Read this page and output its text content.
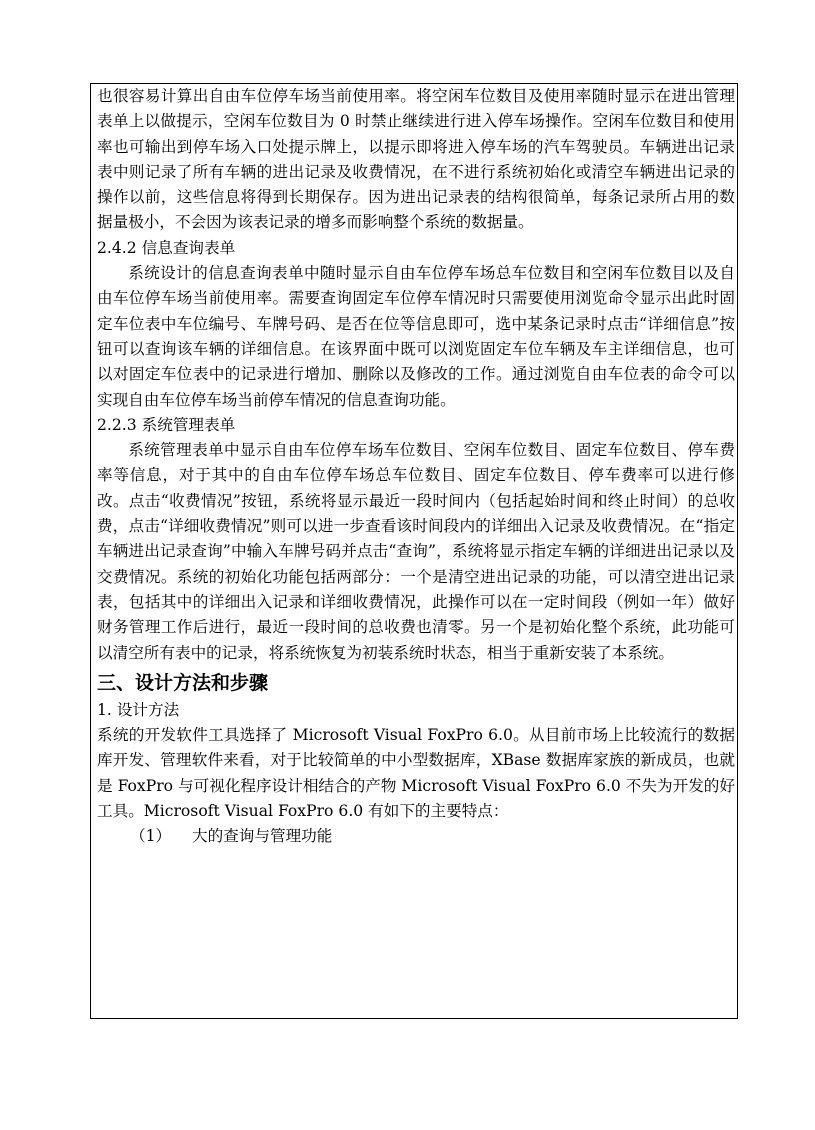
也很容易计算出自由车位停车场当前使用率。将空闲车位数目及使用率随时显示在进出管理表单上以做提示，空闲车位数目为 0 时禁止继续进行进入停车场操作。空闲车位数目和使用率也可输出到停车场入口处提示牌上，以提示即将进入停车场的汽车驾驶员。车辆进出记录表中则记录了所有车辆的进出记录及收费情况，在不进行系统初始化或清空车辆进出记录的操作以前，这些信息将得到长期保存。因为进出记录表的结构很简单，每条记录所占用的数据量极小，不会因为该表记录的增多而影响整个系统的数据量。

2.4.2 信息查询表单

系统设计的信息查询表单中随时显示自由车位停车场总车位数目和空闲车位数目以及自由车位停车场当前使用率。需要查询固定车位停车情况时只需要使用浏览命令显示出此时固定车位表中车位编号、车牌号码、是否在位等信息即可，选中某条记录时点击“详细信息”按钮可以查询该车辆的详细信息。在该界面中既可以浏览固定车位车辆及车主详细信息，也可以对固定车位表中的记录进行增加、删除以及修改的工作。通过浏览自由车位表的命令可以实现自由车位停车场当前停车情况的信息查询功能。

2.2.3 系统管理表单

系统管理表单中显示自由车位停车场车位数目、空闲车位数目、固定车位数目、停车费率等信息，对于其中的自由车位停车场总车位数目、固定车位数目、停车费率可以进行修改。点击“收费情况”按钮，系统将显示最近一段时间内（包括起始时间和终止时间）的总收费，点击“详细收费情况”则可以进一步查看该时间段内的详细出入记录及收费情况。在“指定车辆进出记录查询”中输入车牌号码并点击“查询”，系统将显示指定车辆的详细进出记录以及交费情况。系统的初始化功能包括两部分：一个是清空进出记录的功能，可以清空进出记录表，包括其中的详细出入记录和详细收费情况，此操作可以在一定时间段（例如一年）做好财务管理工作后进行，最近一段时间的总收费也清零。另一个是初始化整个系统，此功能可以清空所有表中的记录，将系统恢复为初装系统时状态，相当于重新安装了本系统。

三、设计方法和步骤

1. 设计方法

系统的开发软件工具选择了 Microsoft Visual FoxPro 6.0。从目前市场上比较流行的数据库开发、管理软件来看，对于比较简单的中小型数据库，XBase 数据库家族的新成员，也就是 FoxPro 与可视化程序设计相结合的产物 Microsoft Visual FoxPro 6.0 不失为开发的好工具。Microsoft Visual FoxPro 6.0 有如下的主要特点：

（1） 大的查询与管理功能
